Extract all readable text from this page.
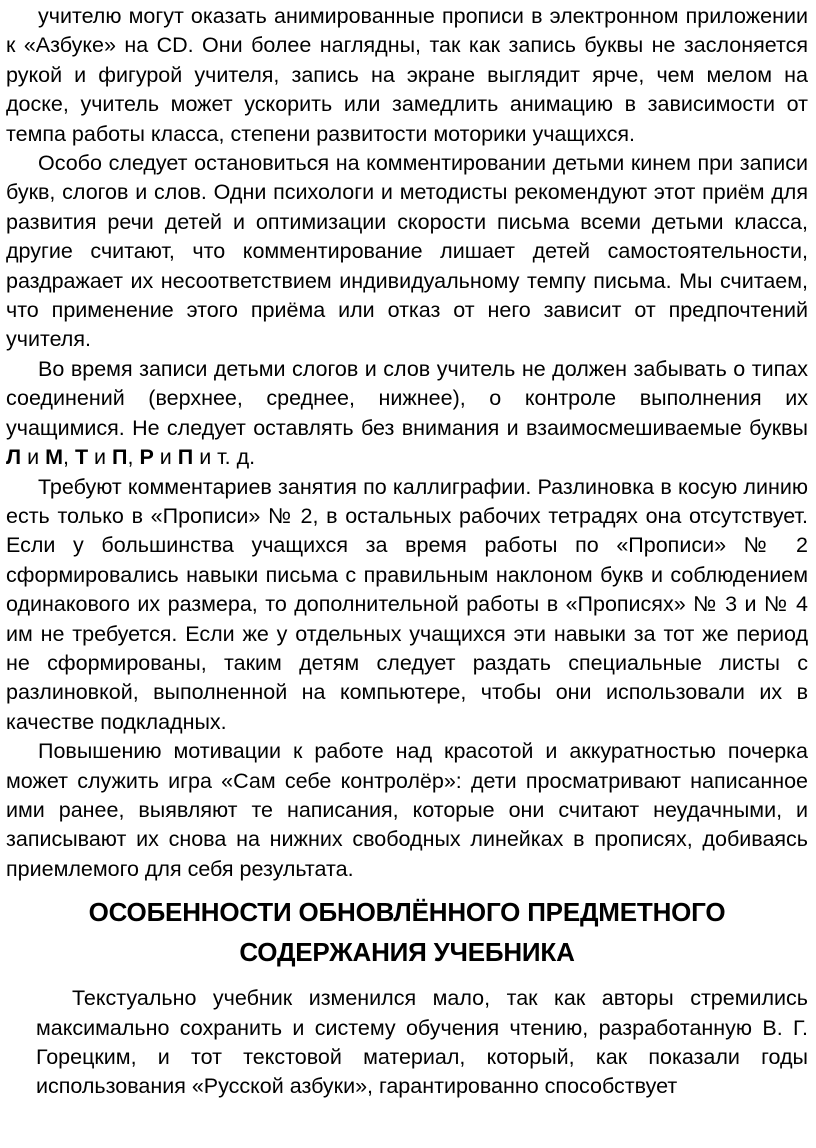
учителю могут оказать анимированные прописи в электронном приложении к «Азбуке» на CD. Они более наглядны, так как запись буквы не заслоняется рукой и фигурой учителя, запись на экране выглядит ярче, чем мелом на доске, учитель может ускорить или замедлить анимацию в зависимости от темпа работы класса, степени развитости моторики учащихся.

Особо следует остановиться на комментировании детьми кинем при записи букв, слогов и слов. Одни психологи и методисты рекомендуют этот приём для развития речи детей и оптимизации скорости письма всеми детьми класса, другие считают, что комментирование лишает детей самостоятельности, раздражает их несоответствием индивидуальному темпу письма. Мы считаем, что применение этого приёма или отказ от него зависит от предпочтений учителя.

Во время записи детьми слогов и слов учитель не должен забывать о типах соединений (верхнее, среднее, нижнее), о контроле выполнения их учащимися. Не следует оставлять без внимания и взаимосмешиваемые буквы Л и М, Т и П, Р и П и т. д.

Требуют комментариев занятия по каллиграфии. Разлиновка в косую линию есть только в «Прописи» № 2, в остальных рабочих тетрадях она отсутствует. Если у большинства учащихся за время работы по «Прописи» № 2 сформировались навыки письма с правильным наклоном букв и соблюдением одинакового их размера, то дополнительной работы в «Прописях» № 3 и № 4 им не требуется. Если же у отдельных учащихся эти навыки за тот же период не сформированы, таким детям следует раздать специальные листы с разлиновкой, выполненной на компьютере, чтобы они использовали их в качестве подкладных.

Повышению мотивации к работе над красотой и аккуратностью почерка может служить игра «Сам себе контролёр»: дети просматривают написанное ими ранее, выявляют те написания, которые они считают неудачными, и записывают их снова на нижних свободных линейках в прописях, добиваясь приемлемого для себя результата.

ОСОБЕННОСТИ ОБНОВЛЁННОГО ПРЕДМЕТНОГО
СОДЕРЖАНИЯ УЧЕБНИКА

Текстуально учебник изменился мало, так как авторы стремились максимально сохранить и систему обучения чтению, разработанную В. Г. Горецким, и тот текстовой материал, который, как показали годы использования «Русской азбуки», гарантированно способствует
